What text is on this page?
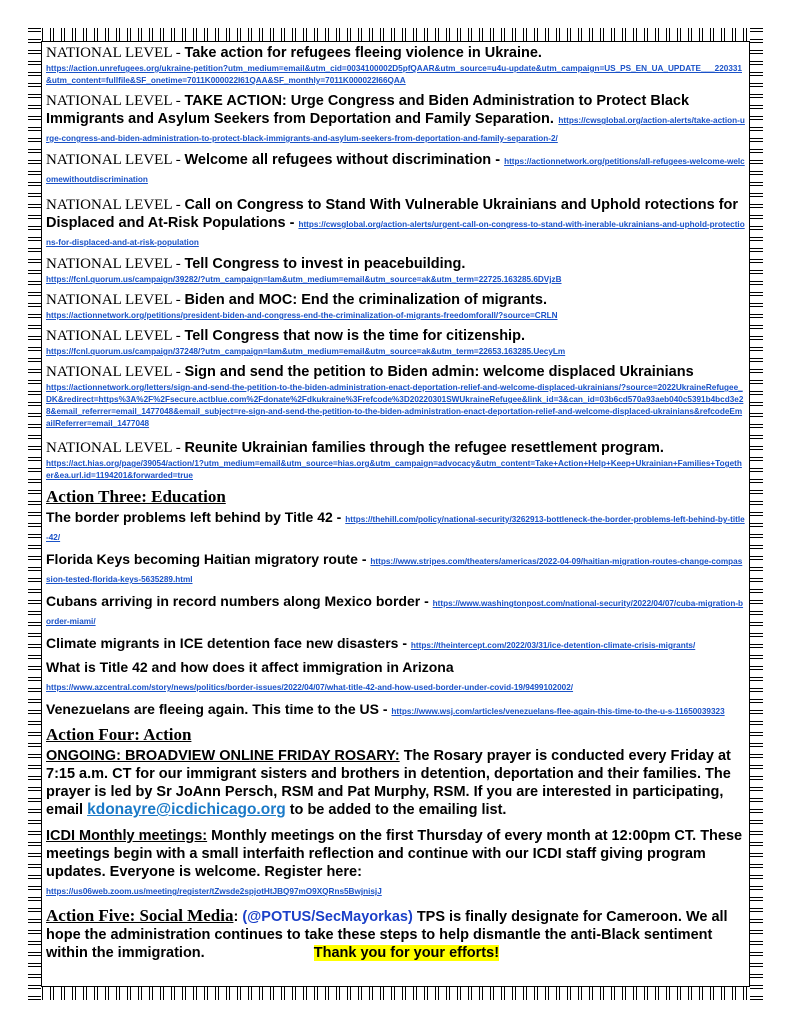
NATIONAL LEVEL - Take action for refugees fleeing violence in Ukraine.
https://action.unrefugees.org/ukraine-petition?utm_medium=email&utm_cid=0034100002D5pfQAAR&utm_source=u4u-update&utm_campaign=US_PS_EN_UA_UPDATE___220331&utm_content=fullfile&SF_onetime=7011K000022I61QAA&SF_monthly=7011K000022I66QAA
NATIONAL LEVEL - TAKE ACTION: Urge Congress and Biden Administration to Protect Black Immigrants and Asylum Seekers from Deportation and Family Separation. https://cwsglobal.org/action-alerts/take-action-urge-congress-and-biden-administration-to-protect-black-immigrants-and-asylum-seekers-from-deportation-and-family-separation-2/
NATIONAL LEVEL - Welcome all refugees without discrimination - https://actionnetwork.org/petitions/all-refugees-welcome-welcomewithoutdiscrimination
NATIONAL LEVEL - Call on Congress to Stand With Vulnerable Ukrainians and Uphold rotections for Displaced and At-Risk Populations - https://cwsglobal.org/action-alerts/urgent-call-on-congress-to-stand-with-inerable-ukrainians-and-uphold-protections-for-displaced-and-at-risk-population
NATIONAL LEVEL - Tell Congress to invest in peacebuilding.
https://fcnl.quorum.us/campaign/39282/?utm_campaign=lam&utm_medium=email&utm_source=ak&utm_term=22725.163285.6DVjzB
NATIONAL LEVEL - Biden and MOC: End the criminalization of migrants.
https://actionnetwork.org/petitions/president-biden-and-congress-end-the-criminalization-of-migrants-freedomforall/?source=CRLN
NATIONAL LEVEL - Tell Congress that now is the time for citizenship.
https://fcnl.quorum.us/campaign/37248/?utm_campaign=lam&utm_medium=email&utm_source=ak&utm_term=22653.163285.UecyLm
NATIONAL LEVEL - Sign and send the petition to Biden admin: welcome displaced Ukrainians
https://actionnetwork.org/letters/sign-and-send-the-petition-to-the-biden-administration-enact-deportation-relief-and-welcome-displaced-ukrainians/?source=2022UkraineRefugee_DK&redirect=https%3A%2F%2Fsecure.actblue.com%2Fdonate%2Fdkukraine%3Frefcode%3D20220301SWUkraineRefugee&link_id=3&can_id=03b6cd570a93aeb040c5391b4bcd3e28&email_referrer=email_1477048&email_subject=re-sign-and-send-the-petition-to-the-biden-administration-enact-deportation-relief-and-welcome-displaced-ukrainians&refcodeEmailReferrer=email_1477048
NATIONAL LEVEL - Reunite Ukrainian families through the refugee resettlement program.
https://act.hias.org/page/39054/action/1?utm_medium=email&utm_source=hias.org&utm_campaign=advocacy&utm_content=Take+Action+Help+Keep+Ukrainian+Families+Together&ea.url.id=1194201&forwarded=true
Action Three: Education
The border problems left behind by Title 42 - https://thehill.com/policy/national-security/3262913-bottleneck-the-border-problems-left-behind-by-title-42/
Florida Keys becoming Haitian migratory route - https://www.stripes.com/theaters/americas/2022-04-09/haitian-migration-routes-change-compassion-tested-florida-keys-5635289.html
Cubans arriving in record numbers along Mexico border - https://www.washingtonpost.com/national-security/2022/04/07/cuba-migration-border-miami/
Climate migrants in ICE detention face new disasters - https://theintercept.com/2022/03/31/ice-detention-climate-crisis-migrants/
What is Title 42 and how does it affect immigration in Arizona
https://www.azcentral.com/story/news/politics/border-issues/2022/04/07/what-title-42-and-how-used-border-under-covid-19/9499102002/
Venezuelans are fleeing again. This time to the US - https://www.wsj.com/articles/venezuelans-flee-again-this-time-to-the-u-s-11650039323
Action Four: Action
ONGOING: BROADVIEW ONLINE FRIDAY ROSARY: The Rosary prayer is conducted every Friday at 7:15 a.m. CT for our immigrant sisters and brothers in detention, deportation and their families. The prayer is led by Sr JoAnn Persch, RSM and Pat Murphy, RSM. If you are interested in participating, email kdonayre@icdichicago.org to be added to the emailing list.
ICDI Monthly meetings: Monthly meetings on the first Thursday of every month at 12:00pm CT. These meetings begin with a small interfaith reflection and continue with our ICDI staff giving program updates. Everyone is welcome. Register here:
https://us06web.zoom.us/meeting/register/tZwsde2spjotHtJBQ97mO9XQRns5BwjnisjJ
Action Five: Social Media: (@POTUS/SecMayorkas) TPS is finally designate for Cameroon. We all hope the administration continues to take these steps to help dismantle the anti-Black sentiment within the immigration.	Thank you for your efforts!
